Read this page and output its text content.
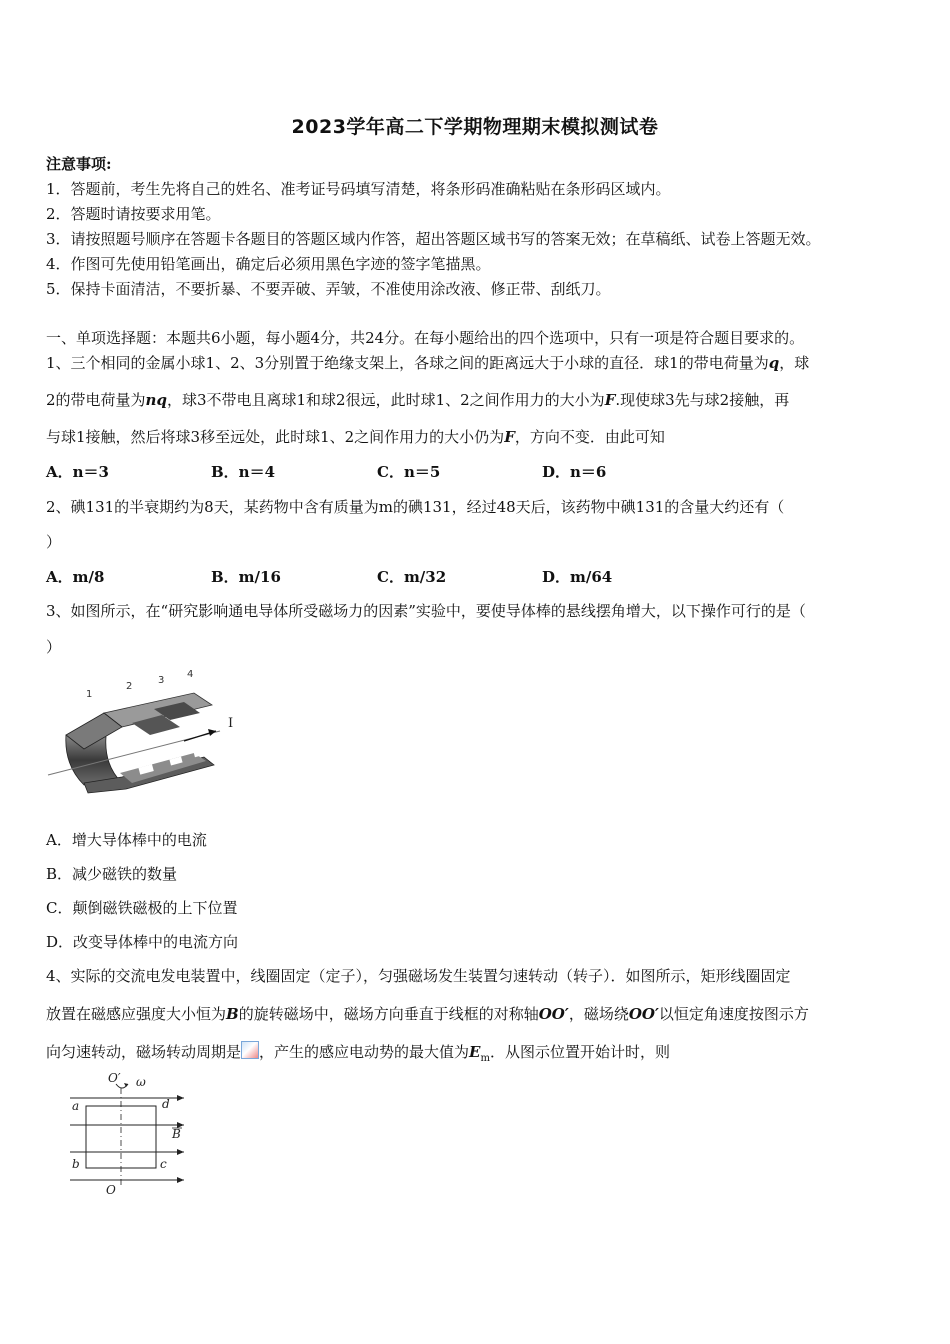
2023学年高二下学期物理期末模拟测试卷
注意事项:
1．答题前，考生先将自己的姓名、准考证号码填写清楚，将条形码准确粘贴在条形码区域内。
2．答题时请按要求用笔。
3．请按照题号顺序在答题卡各题目的答题区域内作答，超出答题区域书写的答案无效；在草稿纸、试卷上答题无效。
4．作图可先使用铅笔画出，确定后必须用黑色字迹的签字笔描黑。
5．保持卡面清洁，不要折暴、不要弄破、弄皱，不准使用涂改液、修正带、刮纸刀。
一、单项选择题：本题共6小题，每小题4分，共24分。在每小题给出的四个选项中，只有一项是符合题目要求的。
1、三个相同的金属小球1、2、3分别置于绝缘支架上，各球之间的距离远大于小球的直径．球1的带电荷量为q，球
2的带电荷量为nq，球3不带电且离球1和球2很远，此时球1、2之间作用力的大小为F.现使球3先与球2接触，再
与球1接触，然后将球3移至远处，此时球1、2之间作用力的大小仍为F，方向不变．由此可知
A．n＝3	B．n＝4	C．n＝5	D．n＝6
2、碘131的半衰期约为8天，某药物中含有质量为m的碘131，经过48天后，该药物中碘131的含量大约还有（
）
A．m/8	B．m/16	C．m/32	D．m/64
3、如图所示，在“研究影响通电导体所受磁场力的因素”实验中，要使导体棒的悬线摆角增大，以下操作可行的是（
）
1
2
3
4
I
A．增大导体棒中的电流
B．减少磁铁的数量
C．颠倒磁铁磁极的上下位置
D．改变导体棒中的电流方向
4、实际的交流电发电装置中，线圈固定（定子），匀强磁场发生装置匀速转动（转子）．如图所示，矩形线圈固定
放置在磁感应强度大小恒为B的旋转磁场中，磁场方向垂直于线框的对称轴OO′，磁场绕OO′以恒定角速度按图示方
向匀速转动，磁场转动周期是 ，产生的感应电动势的最大值为$E_m$．从图示位置开始计时，则
O′ ω
a	d
b	c
B
O
